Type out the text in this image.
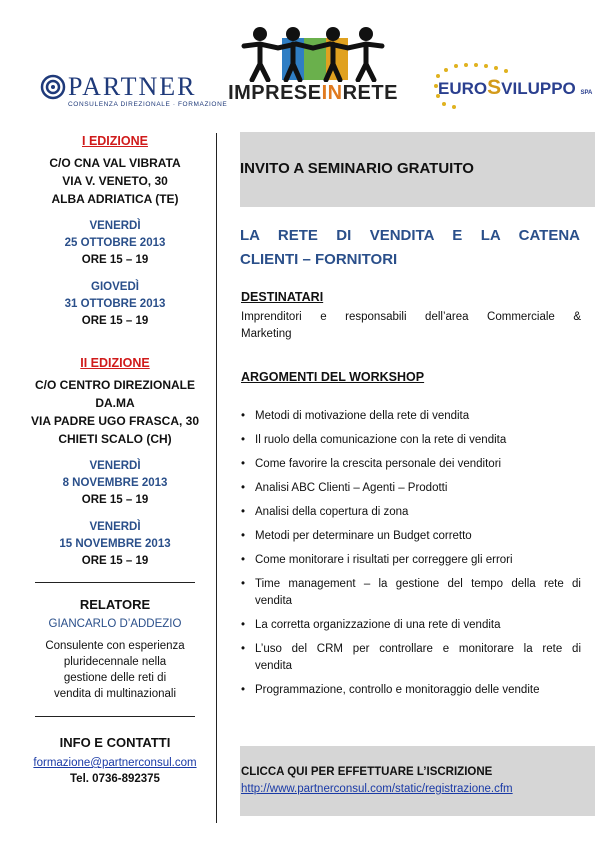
PARTNER
CONSULENZA DIREZIONALE · FORMAZIONE
IMPRESEINRETE	EUROSVILUPPO SPA
I EDIZIONE
C/O CNA VAL VIBRATA
VIA V. VENETO, 30
ALBA ADRIATICA (TE)
VENERDÌ
25 OTTOBRE 2013
ORE 15 – 19
GIOVEDÌ
31 OTTOBRE 2013
ORE 15 – 19
II EDIZIONE
C/O CENTRO DIREZIONALE
DA.MA
VIA PADRE UGO FRASCA, 30
CHIETI SCALO (CH)
VENERDÌ
8 NOVEMBRE 2013
ORE 15 – 19
VENERDÌ
15 NOVEMBRE 2013
ORE 15 – 19
RELATORE
GIANCARLO D’ADDEZIO
Consulente con esperienza
pluridecennale nella
gestione delle reti di
vendita di multinazionali
INFO E CONTATTI
formazione@partnerconsul.com
Tel. 0736-892375
INVITO A SEMINARIO GRATUITO
LA RETE DI VENDITA E LA CATENA
CLIENTI – FORNITORI
DESTINATARI
Imprenditori e responsabili dell’area Commerciale &
Marketing
ARGOMENTI DEL WORKSHOP
• Metodi di motivazione della rete di vendita
• Il ruolo della comunicazione con la rete di vendita
• Come favorire la crescita personale dei venditori
• Analisi ABC Clienti – Agenti – Prodotti
• Analisi della copertura di zona
• Metodi per determinare un Budget corretto
• Come monitorare i risultati per correggere gli errori
• Time management – la gestione del tempo della rete di
vendita
• La corretta organizzazione di una rete di vendita
• L’uso del CRM per controllare e monitorare la rete di
vendita
• Programmazione, controllo e monitoraggio delle vendite
CLICCA QUI PER EFFETTUARE L’ISCRIZIONE
http://www.partnerconsul.com/static/registrazione.cfm
